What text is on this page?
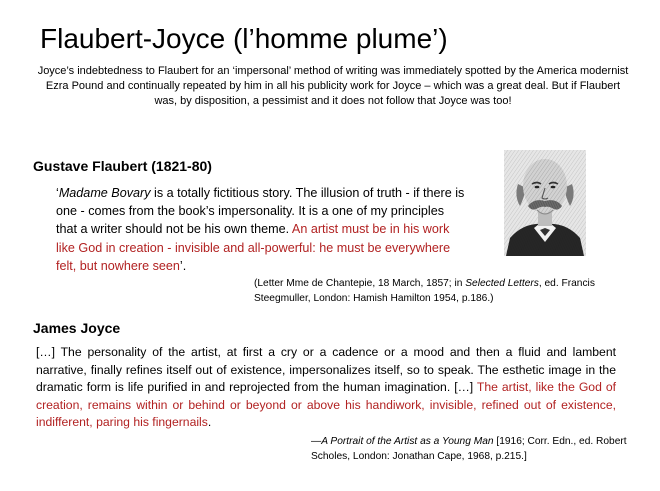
Flaubert-Joyce (l’homme plume’)
Joyce’s indebtedness to Flaubert for an ‘impersonal’ method of writing was immediately spotted by the America modernist Ezra Pound and continually repeated by him in all his publicity work for Joyce – which was a great deal. But if Flaubert was, by disposition, a pessimist and it does not follow that Joyce was too!
Gustave Flaubert (1821-80)
‘Madame Bovary is a totally fictitious story. The illusion of truth - if there is one - comes from the book’s impersonality. It is a one of my principles that a writer should not be his own theme. An artist must be in his work like God in creation - invisible and all-powerful: he must be everywhere felt, but nowhere seen’.
(Letter Mme de Chantepie, 18 March, 1857; in Selected Letters, ed. Francis Steegmuller, London: Hamish Hamilton 1954, p.186.)
James Joyce
[…] The personality of the artist, at first a cry or a cadence or a mood and then a fluid and lambent narrative, finally refines itself out of existence, impersonalizes itself, so to speak. The esthetic image in the dramatic form is life purified in and reprojected from the human imagination. […] The artist, like the God of creation, remains within or behind or beyond or above his handiwork, invisible, refined out of existence, indifferent, paring his fingernails.
—A Portrait of the Artist as a Young Man [1916; Corr. Edn., ed. Robert Scholes, London: Jonathan Cape, 1968, p.215.]
